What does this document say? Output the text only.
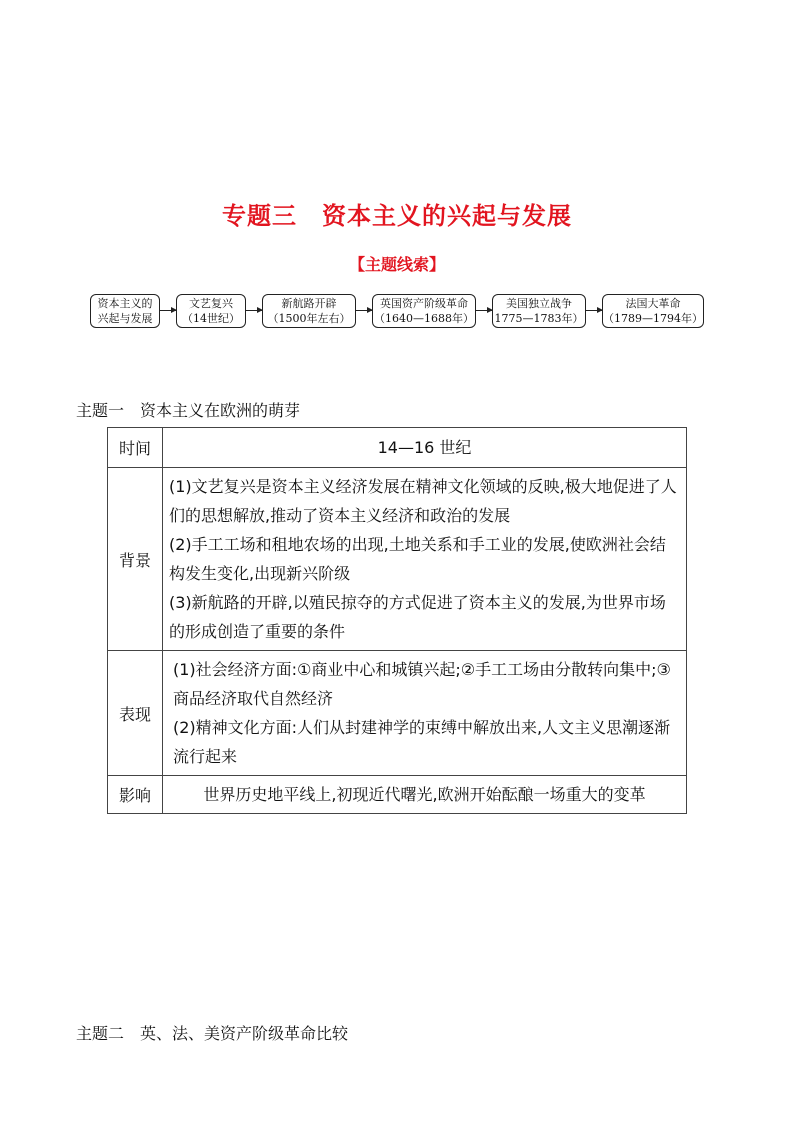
专题三　资本主义的兴起与发展
【主题线索】
资本主义的
兴起与发展
文艺复兴
（14世纪）
新航路开辟
（1500年左右）
英国资产阶级革命
（1640—1688年）
美国独立战争
1775—1783年）
法国大革命
（1789—1794年）
主题一　资本主义在欧洲的萌芽
时间	14—16 世纪
背景	(1)文艺复兴是资本主义经济发展在精神文化领域的反映,极大地促进了人们的思想解放,推动了资本主义经济和政治的发展
(2)手工工场和租地农场的出现,土地关系和手工业的发展,使欧洲社会结构发生变化,出现新兴阶级
(3)新航路的开辟,以殖民掠夺的方式促进了资本主义的发展,为世界市场的形成创造了重要的条件

表现	(1)社会经济方面:①商业中心和城镇兴起;②手工工场由分散转向集中;③商品经济取代自然经济
(2)精神文化方面:人们从封建神学的束缚中解放出来,人文主义思潮逐渐流行起来

影响	世界历史地平线上,初现近代曙光,欧洲开始酝酿一场重大的变革
主题二　英、法、美资产阶级革命比较
